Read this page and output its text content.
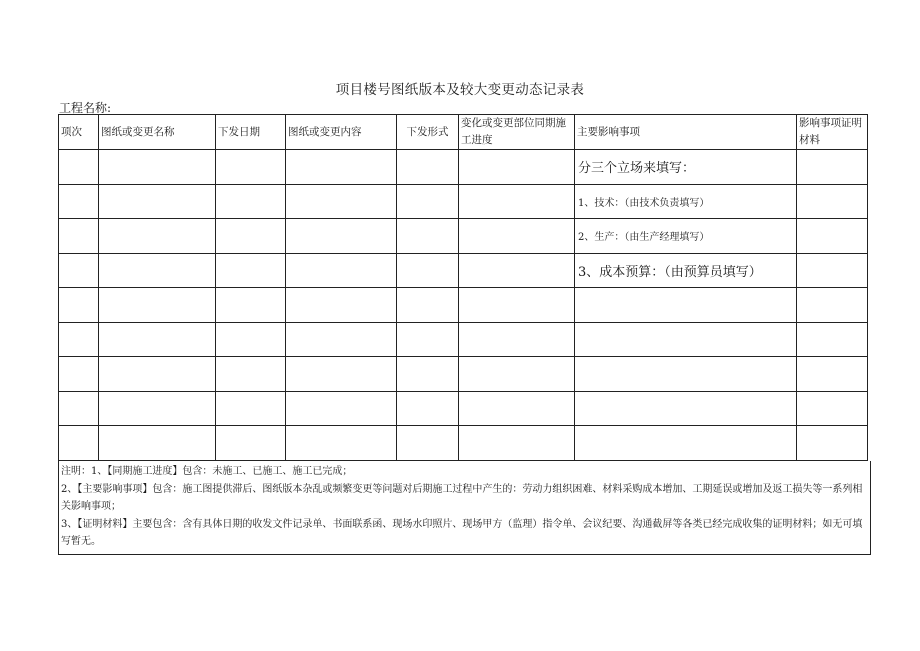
项目楼号图纸版本及较大变更动态记录表
工程名称:
项次	图纸或变更名称	下发日期	图纸或变更内容	下发形式	变化或变更部位同期施工进度	主要影响事项	影响事项证明材料
						分三个立场来填写：	
						1、技术：（由技术负责填写）	
						2、生产：（由生产经理填写）	
						3、成本预算：（由预算员填写）	

注明：1、【同期施工进度】包含：未施工、已施工、施工已完成；
2、【主要影响事项】包含：施工图提供滞后、图纸版本杂乱或频繁变更等问题对后期施工过程中产生的：劳动力组织困难、材料采购成本增加、工期延误或增加及返工损失等一系列相关影响事项；
3、【证明材料】主要包含：含有具体日期的收发文件记录单、书面联系函、现场水印照片、现场甲方（监理）指令单、会议纪要、沟通截屏等各类已经完成收集的证明材料；如无可填写暂无。
